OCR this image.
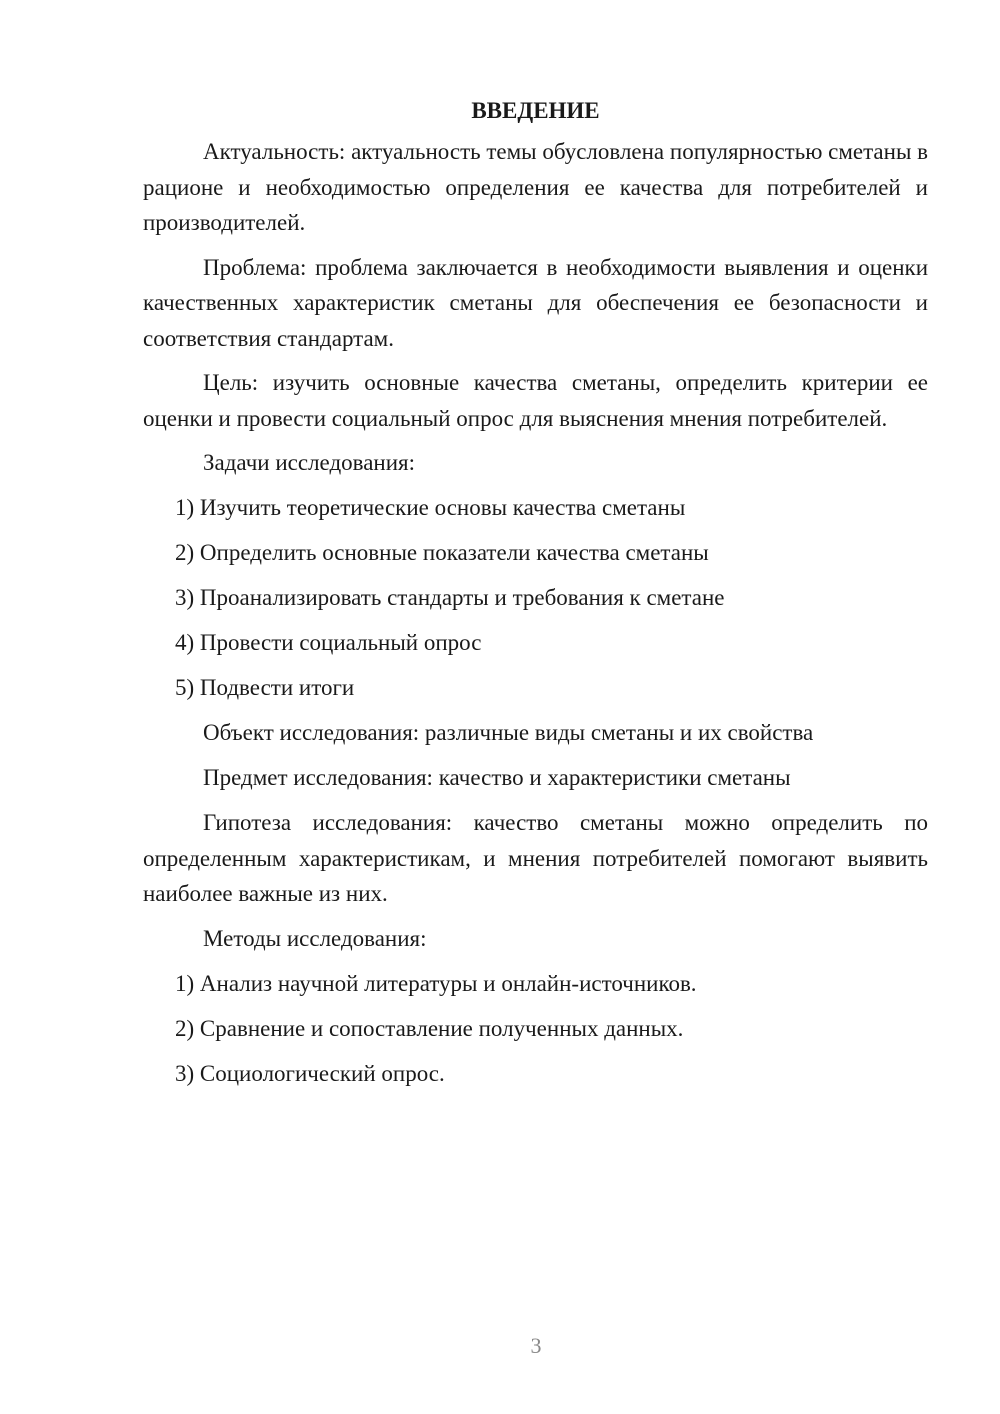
ВВЕДЕНИЕ

Актуальность: актуальность темы обусловлена популярностью сметаны в рационе и необходимостью определения ее качества для потребителей и производителей.

Проблема: проблема заключается в необходимости выявления и оценки качественных характеристик сметаны для обеспечения ее безопасности и соответствия стандартам.

Цель: изучить основные качества сметаны, определить критерии ее оценки и провести социальный опрос для выяснения мнения потребителей.

Задачи исследования:

1) Изучить теоретические основы качества сметаны

2) Определить основные показатели качества сметаны

3) Проанализировать стандарты и требования к сметане

4) Провести социальный опрос

5) Подвести итоги

Объект исследования: различные виды сметаны и их свойства

Предмет исследования: качество и характеристики сметаны

Гипотеза исследования: качество сметаны можно определить по определенным характеристикам, и мнения потребителей помогают выявить наиболее важные из них.

Методы исследования:

1) Анализ научной литературы и онлайн-источников.

2) Сравнение и сопоставление полученных данных.

3) Социологический опрос.

3
